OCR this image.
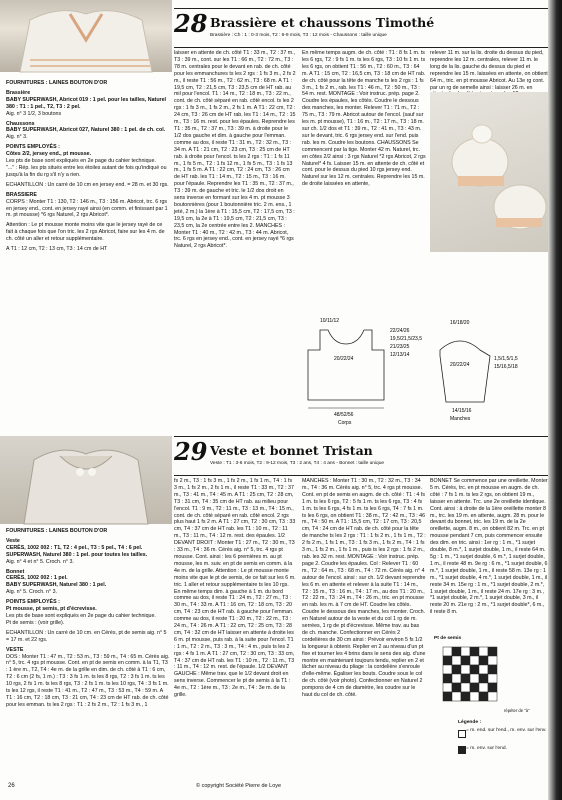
28 Brassière et chaussons Timothé
Brassière : Ch : 1 : 0-3 mois, T2 : 6-9 mois, T3 : 12 mois - Chaussons : taille unique

FOURNITURES : LAINES BOUTON D'OR

Brassière

BABY SUPERWASH, Abricot 019 : 1 pel. pour les tailles, Naturel 380 : T1 : 1 pel., T2, T3 : 2 pel.

Aig. n° 3 1/2, 3 boutons

Chaussons

BABY SUPERWASH, Abricot 027, Naturel 380 : 1 pel. de ch. col.

Aig. n° 3.

POINTS EMPLOYÉS :

Côtes 2/2, jersey end., pt mousse.

Les pts de base sont expliqués en 2e page du cahier technique.

"..." : Rép. les pts situés entre les étoiles autant de fois qu'indiqué ou jusqu'à la fin du rg s'il n'y a rien.

ECHANTILLON : Un carré de 10 cm en jersey end. = 28 m. et 30 rgs.

BRASSIERE

CORPS : Monter T1 : 130, T2 : 146 m., T3 : 156 m. Abricot, trc. 6 rgs en jersey end., cont. en jersey rayé ainsi (en comm. et finissant par 1 m. pt mousse) *6 rgs Naturel, 2 rgs Abricot*.

Attention : Le pt mousse monte moins vite que le jersey rayé de ce fait à chaque fois que l'on tric. les 2 rgs Abricot, faire sur les 4 m. de ch. côté un aller et retour supplémentaire.

A T1 : 12 cm, T2 : 13 cm, T3 : 14 cm de HT

laisser en attente de ch. côté T1 : 33 m., T2 : 37 m., T3 : 39 m., cont. sur les T1 : 66 m., T2 : 72 m., T3 : 78 m. centrales pour le devant en rab. de ch. côté pour les emmanchures ts les 2 rgs : 1 fs 3 m., 2 fs 2 m., il reste T1 : 56 m., T2 : 62 m., T3 : 68 m. A T1 : 19,5 cm, T2 : 21,5 cm, T3 : 23,5 cm de HT rab. au mil pour l'encol. T1 : 14 m., T2 : 18 m., T3 : 22 m., cont. de ch. côté séparé en rab. côté encol. ts les 2 rgs : 1 fs 3 m., 1 fs 2 m., 2 fs 1 m. A T1 : 22 cm, T2 : 24 cm, T3 : 26 cm de HT rab. les T1 : 14 m., T2 : 15 m., T3 : 16 m. rest. pour les épaules. Reprendre les T1 : 35 m., T2 : 37 m., T3 : 39 m. à droite pour le 1/2 dos gauche et dim. à gauche pour l'emman. comme au dos, il reste T1 : 31 m., T2 : 32 m., T3 : 34 m. A T1 : 21 cm, T2 : 23 cm, T3 : 25 cm de HT rab. à droite pour l'encol. ts les 2 rgs : T1 : 1 fs 11 m., 1 fs 5 m., T2 : 1 fs 12 m., 1 fs 5 m., T3 : 1 fs 13 m., 1 fs 5 m. A T1 : 22 cm, T2 : 24 cm, T3 : 26 cm de HT rab. les T1 : 14 m., T2 : 15 m., T3 : 16 m. pour l'épaule. Reprendre les T1 : 35 m., T2 : 37 m., T3 : 39 m. de gauche et tric. le 1/2 dos droit en sens inverse en formant sur les 4 m. pt mousse 3 boutonnières (pour 1 boutonnière tric. 2 m. ens., 1 jeté, 2 m.) la 1ère à T1 : 15,5 cm, T2 : 17,5 cm, T3 : 19,5 cm, la 2e à T1 : 19,5 cm, T2 : 21,5 cm, T3 : 23,5 cm, la 2e centrée entre les 2. MANCHES : Monter T1 : 40 m., T2 : 42 m., T3 : 44 m. Abricot, trc. 6 rgs en jersey end., cont. en jersey rayé *6 rgs Naturel, 2 rgs Abricot*.

En même temps augm. de ch. côté : T1 : 8 fs 1 m. ts les 6 rgs, T2 : 9 fs 1 m. ts les 6 rgs, T3 : 10 fs 1 m. ts les 6 rgs, on obtient T1 : 56 m., T2 : 60 m., T3 : 64 m. A T1 : 15 cm, T2 : 16,5 cm, T3 : 18 cm de HT rab. de ch. côté pour la tête de manche ts les 2 rgs : 1 fs 3 m., 1 fs 2 m., rab. les T1 : 46 m., T2 : 50 m., T3 : 54 m. rest. MONTAGE : Voir instruc. prép. page 2. Coudre les épaules, les côtés. Coudre le dessous des manches, les monter. Relever T1 : 71 m., T2 : 75 m., T3 : 79 m. Abricot autour de l'encol. (sauf sur les m. pt mousse), T1 : 16 m., T2 : 17 m., T3 : 18 m. sur ch. 1/2 dos et T1 : 39 m., T2 : 41 m., T3 : 43 m. sur le devant, tric. 6 rgs jersey end. sur l'end. puis rab. les m. Coudre les boutons. CHAUSSONS Se commencent par la tige. Monter 42 m. Naturel, trc. en côtes 2/2 ainsi : 3 rgs Naturel *2 rgs Abricot, 2 rgs Naturel* 4 fs. Laisser 15 m. en attente de ch. côté et cont. pour le dessus du pied 10 rgs jersey end. Naturel sur les 12 m. centrales. Reprendre les 15 m. de droite laissées en attente,

relever 11 m. sur la lis. droite du dessus du pied, reprendre les 12 m. centrales, relever 11 m. le long de la lis. gauche du dessus du pied et reprendre les 15 m. laissées en attente, on obtient 64 m., tric. en pt mousse Abricot. Au 13e rg cont. par un rg de semelle ainsi : laisser 26 m. en

10/11/12
20/22/24
22/24/26
19,5/21,5/23,5
21/23/25
12/13/14
48/52/56
Corps
16/18/20
20/22/24
1,5/1,5/1,5
15/16,5/18
14/15/16
Manches
29 Veste et bonnet Tristan
Veste : T1 : 3-6 mois, T2 : 9-12 mois, T3 : 2 ans, T4 : 4 ans - Bonnet : taille unique

FOURNITURES : LAINES BOUTON D'OR

Veste

CERÈS, 1002 002 : T1, T2 : 4 pel., T3 : 5 pel., T4 : 6 pel.

SUPERWASH, Naturel 380 : 1 pel. pour toutes les tailles.

Aig. n° 4 et n° 5. Croch. n° 3.

Bonnet

CERÈS, 1002 002 : 1 pel.

BABY SUPERWASH, Naturel 380 : 1 pel.

Aig. n° 5. Croch. n° 3.

POINTS EMPLOYÉS :

Pt mousse, pt semis, pt d'écrevisse.

Les pts de base sont expliqués en 2e page du cahier technique.

Pt de semis : (voir grille).

ECHANTILLON : Un carré de 10 cm. en Cérès, pt de semis aig. n° 5 = 17 m. et 22 rgs.

VESTE

DOS : Monter T1 : 47 m., T2 : 53 m., T3 : 59 m., T4 : 65 m. Cérès aig. n° 5, trc. 4 rgs pt mousse. Cont. en pt de semis en comm. à la T1, T3 : 1 ère m., T2, T4 : 4e m. de la grille en dim. de ch. côté à T1 : 6 cm, T2 : 6 cm (2 fs, 1 m.) : T3 : 3 fs 1 m. ts les 8 rgs, T2 : 3 fs 1 m. ts les 10 rgs, 2 fs 1 m. ts les 8 rgs, T3 : 2 fs 1 m. ts les 10 rgs, T4 : 3 fs 1 m. ts les 12 rgs, il reste T1 : 41 m., T2 : 47 m., T3 : 53 m., T4 : 59 m. A T1 : 16 cm, T2 : 18 cm, T3 : 21 cm, T4 : 23 cm de HT rab. de ch. côté pour les emman. ts les 2 rgs : T1 : 2 fs 2 m., T2 : 1 fs 3 m., 1

fs 2 m., T3 : 1 fs 3 m., 1 fs 2 m., 1 fs 1 m., T4 : 1 fs 3 m., 1 fs 2 m., 2 fs 1 m., il reste T1 : 33 m., T2 : 37 m., T3 : 41 m., T4 : 45 m. A T1 : 25 cm, T2 : 28 cm, T3 : 31 cm, T4 : 35 cm de HT rab. au milieu pour l'encol. T1 : 9 m., T2 : 11 m., T3 : 13 m., T4 : 15 m., cont. de ch. côté séparé en rab. côté encol. 2 rgs plus haut 1 fs 2 m. A T1 : 27 cm, T2 : 30 cm, T3 : 33 cm, T4 : 37 cm de HT rab. les T1 : 10 m., T2 : 11 m., T3 : 11 m., T4 : 12 m. rest. des épaules. 1/2 DEVANT DROIT : Monter T1 : 27 m., T2 : 30 m., T3 : 33 m., T4 : 36 m. Cérès aig. n° 5, trc. 4 rgs pt mousse. Cont. ainsi : les 6 premières m. au pt mousse, les m. suiv. en pt de semis en comm. à la 4e m. de la grille. Attention : Le pt mousse monte moins vite que le pt de semis, de ce fait sur les 6 m. tric. 1 aller et retour supplémentaire ts les 10 rgs. En même temps dim. à gauche à 1 m. du bord comme au dos, il reste T1 : 24 m., T2 : 27 m., T3 : 30 m., T4 : 33 m. A T1 : 16 cm, T2 : 18 cm, T3 : 20 cm, T4 : 23 cm de HT rab. à gauche pour l'emman. comme au dos, il reste T1 : 20 m., T2 : 22 m., T3 : 24 m., T4 : 26 m. A T1 : 22 cm, T2 : 25 cm, T3 : 28 cm, T4 : 32 cm de HT laisser en attente à droite les 6 m. pt mousse, puis rab. à la suite pour l'encol. T1 : 1 m., T2 : 2 m., T3 : 3 m., T4 : 4 m., puis ts les 2 rgs : 4 fs 1 m. A T1 : 27 cm, T2 : 30 cm, T3 : 33 cm, T4 : 37 cm de HT rab. les T1 : 10 m., T2 : 11 m., T3 : 11 m., T4 : 12 m. rest. de l'épaule. 1/2 DEVANT GAUCHE : Même trav. que le 1/2 devant droit en sens inverse. Commencer le pt de semis à la T1 : 4e m., T2 : 1ère m., T3 : 2e m., T4 : 3e m. de la grille.

MANCHES : Monter T1 : 30 m., T2 : 32 m., T3 : 34 m., T4 : 36 m. Cérès aig. n° 5, trc. 4 rgs pt mousse. Cont. en pt de semis en augm. de ch. côté : T1 : 4 fs 1 m. ts les 6 rgs, T2 : 5 fs 1 m. ts les 6 rgs, T3 : 4 fs 1 m. ts les 6 rgs, 4 fs 1 m. ts les 6 rgs, T4 : 7 fs 1 m. ts les 6 rgs, on obtient T1 : 38 m., T2 : 42 m., T3 : 46 m., T4 : 50 m. A T1 : 15,5 cm, T2 : 17 cm, T3 : 20,5 cm, T4 : 24 cm de HT rab. de ch. côté pour la tête de manche ts les 2 rgs : T1 : 1 fs 2 m., 1 fs 1 m., T2 : 2 fs 2 m., 1 fs 1 m., T3 : 1 fs 3 m., 1 fs 2 m., T4 : 1 fs 3 m., 1 fs 2 m., 1 fs 1 m., puis ts les 2 rgs : 1 fs 2 m., rab. les 32 m. rest. MONTAGE : Voir instruc. prép. page 2. Coudre les épaules. Col : Relever T1 : 60 m., T2 : 64 m., T3 : 68 m., T4 : 72 m. Cérès aig. n° 4 autour de l'encol. ainsi : sur ch. 1/2 devant reprendre les 6 m. en attente et relever à la suite T1 : 14 m., T2 : 15 m., T3 : 16 m., T4 : 17 m., au dos T1 : 20 m., T2 : 22 m., T3 : 24 m., T4 : 26 m., tric. en pt mousse en rab. les m. à 7 cm de HT. Coudre les côtés. Coudre le dessous des manches, les monter. Croch. en Naturel autour de la veste et du col 1 rg de m. serrées, 1 rg de pt d'écrevisse. Même trav. au bas de ch. manche. Confectionner en Cérès 2 cordelières de 30 cm ainsi : Prévoir environ 5 fs 1/2 la longueur à obtenir. Replier en 2 au niveau d'un pt fixe et tourner les 4 brins dans le sens des aig. d'une montre en maintenant toujours tendu, replier en 2 et lâcher au niveau du pliage : la cordelière s'enroule d'elle-même. Égaliser les bouts. Coudre sous le col de ch. côté (voir photo). Confectionner en Naturel 2 pompons de 4 cm de diamètre, les coudre sur le haut du col de ch. côté.

BONNET Se commence par une oreillette. Monter 5 m. Cérès, trc. en pt mousse en augm. de ch. côté : 7 fs 1 m. ts les 2 rgs, on obtient 19 m., laisser en attente. Trc. une 2e oreillette identique. Cont. ainsi : à droite de la 1ère oreillette monter 8 m., trc. les 19 m. en attente, augm. 28 m. pour le devant du bonnet, tric. les 19 m. de la 2e oreillette, augm. 8 m., on obtient 82 m. Trc. en pt mousse pendant 7 cm, puis commencer ensuite des dim. en tric. ainsi : 1er rg : 1 m., *1 surjet double, 8 m.*, 1 surjet double, 1 m., il reste 64 m. 5g : 1 m., *1 surjet double, 6 m.*, 1 surjet double, 1 m., il reste 48 m. 9e rg : 6 m., *1 surjet double, 6 m.*, 1 surjet double, 1 m., il reste 58 m. 13e rg : 1 m., *1 surjet double, 4 m.*, 1 surjet double, 1 m., il reste 34 m. 15e rg : 1 m., *1 surjet double, 2 m.*, 1 surjet double, 1 m., il reste 24 m. 17e rg : 3 m., *1 surjet double, 2 m.*, 1 surjet double, 3 m., il reste 20 m. 21e rg : 2 m., *1 surjet double*, 6 m., il reste 8 m.

Pt de semis
répéter de "à"
Légende :
= m. end. sur l'end., m. env. sur l'env.
= m. env. sur l'end.
26	© copyright Société Pierre de Loye
